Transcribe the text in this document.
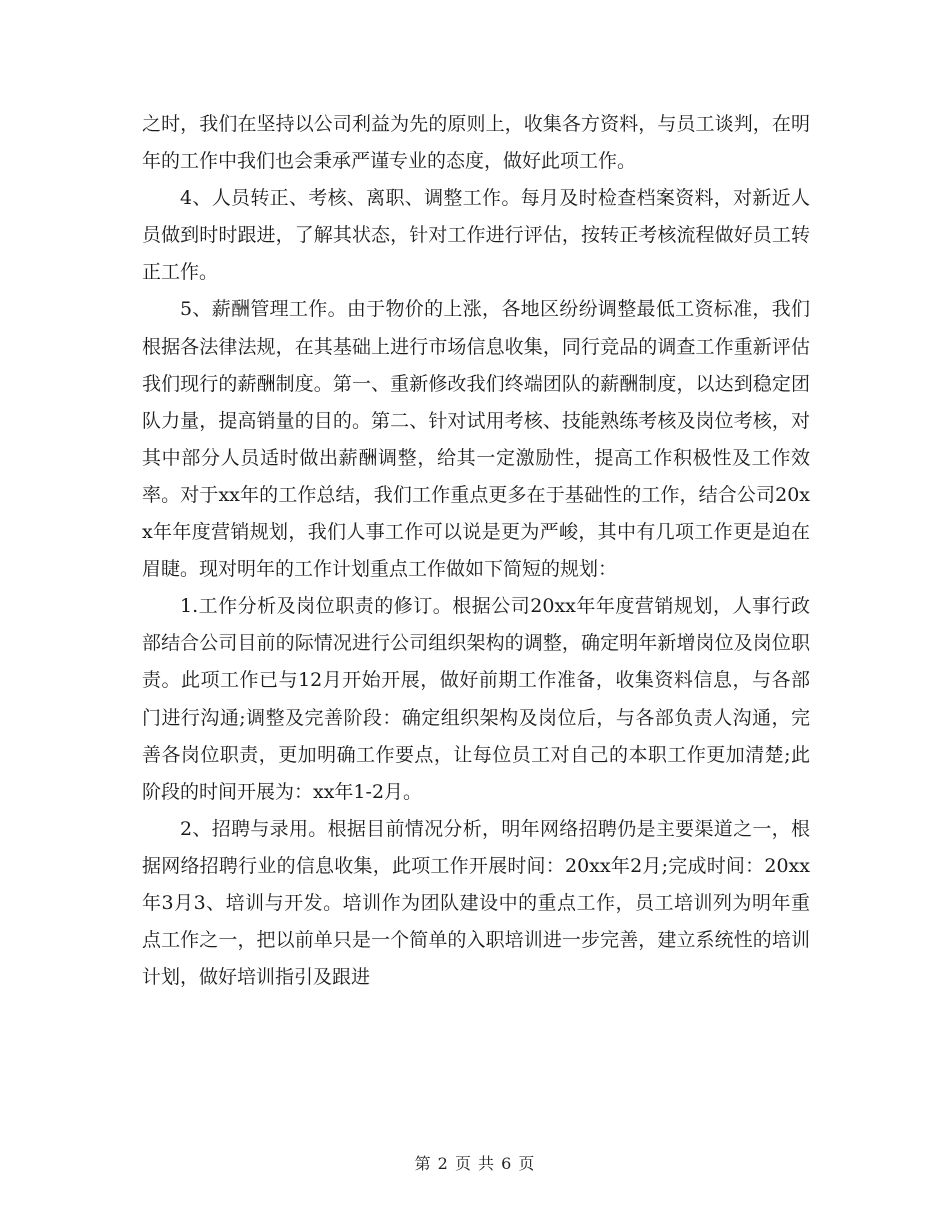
之时，我们在坚持以公司利益为先的原则上，收集各方资料，与员工谈判，在明年的工作中我们也会秉承严谨专业的态度，做好此项工作。

4、人员转正、考核、离职、调整工作。每月及时检查档案资料，对新近人员做到时时跟进，了解其状态，针对工作进行评估，按转正考核流程做好员工转正工作。

5、薪酬管理工作。由于物价的上涨，各地区纷纷调整最低工资标准，我们根据各法律法规，在其基础上进行市场信息收集，同行竞品的调查工作重新评估我们现行的薪酬制度。第一、重新修改我们终端团队的薪酬制度，以达到稳定团队力量，提高销量的目的。第二、针对试用考核、技能熟练考核及岗位考核，对其中部分人员适时做出薪酬调整，给其一定激励性，提高工作积极性及工作效率。对于xx年的工作总结，我们工作重点更多在于基础性的工作，结合公司20xx年年度营销规划，我们人事工作可以说是更为严峻，其中有几项工作更是迫在眉睫。现对明年的工作计划重点工作做如下简短的规划：

1.工作分析及岗位职责的修订。根据公司20xx年年度营销规划，人事行政部结合公司目前的际情况进行公司组织架构的调整，确定明年新增岗位及岗位职责。此项工作已与12月开始开展，做好前期工作准备，收集资料信息，与各部门进行沟通;调整及完善阶段：确定组织架构及岗位后，与各部负责人沟通，完善各岗位职责，更加明确工作要点，让每位员工对自己的本职工作更加清楚;此阶段的时间开展为：xx年1-2月。

2、招聘与录用。根据目前情况分析，明年网络招聘仍是主要渠道之一，根据网络招聘行业的信息收集，此项工作开展时间：20xx年2月;完成时间：20xx年3月3、培训与开发。培训作为团队建设中的重点工作，员工培训列为明年重点工作之一，把以前单只是一个简单的入职培训进一步完善，建立系统性的培训计划，做好培训指引及跟进

第 2 页 共 6 页
